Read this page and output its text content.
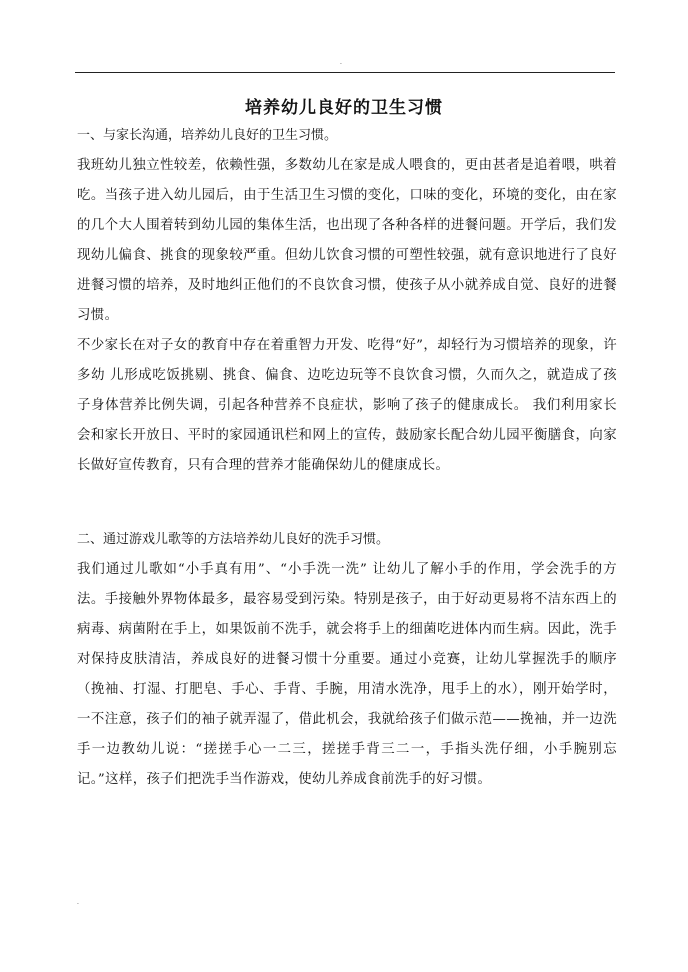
.
培养幼儿良好的卫生习惯

一、与家长沟通，培养幼儿良好的卫生习惯。

我班幼儿独立性较差，依赖性强，多数幼儿在家是成人喂食的，更由甚者是追着喂，哄着吃。当孩子进入幼儿园后，由于生活卫生习惯的变化，口味的变化，环境的变化，由在家的几个大人围着转到幼儿园的集体生活，也出现了各种各样的进餐问题。开学后，我们发现幼儿偏食、挑食的现象较严重。但幼儿饮食习惯的可塑性较强，就有意识地进行了良好进餐习惯的培养，及时地纠正他们的不良饮食习惯，使孩子从小就养成自觉、良好的进餐习惯。

不少家长在对子女的教育中存在着重智力开发、吃得“好”，却轻行为习惯培养的现象，许多幼 儿形成吃饭挑剔、挑食、偏食、边吃边玩等不良饮食习惯，久而久之，就造成了孩子身体营养比例失调，引起各种营养不良症状，影响了孩子的健康成长。 我们利用家长会和家长开放日、平时的家园通讯栏和网上的宣传，鼓励家长配合幼儿园平衡膳食，向家长做好宣传教育，只有合理的营养才能确保幼儿的健康成长。

二、通过游戏儿歌等的方法培养幼儿良好的洗手习惯。

我们通过儿歌如“小手真有用”、“小手洗一洗” 让幼儿了解小手的作用，学会洗手的方法。手接触外界物体最多，最容易受到污染。特别是孩子，由于好动更易将不洁东西上的病毒、病菌附在手上，如果饭前不洗手，就会将手上的细菌吃进体内而生病。因此，洗手对保持皮肤清洁，养成良好的进餐习惯十分重要。通过小竞赛，让幼儿掌握洗手的顺序（挽袖、打湿、打肥皂、手心、手背、手腕，用清水洗净，甩手上的水），刚开始学时，一不注意，孩子们的袖子就弄湿了，借此机会，我就给孩子们做示范——挽袖，并一边洗手一边教幼儿说：“搓搓手心一二三，搓搓手背三二一，手指头洗仔细，小手腕别忘记。”这样，孩子们把洗手当作游戏，使幼儿养成食前洗手的好习惯。

.
